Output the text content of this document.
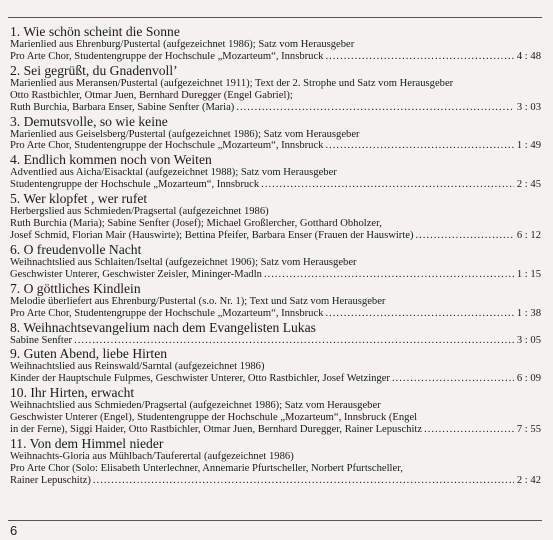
1. Wie schön scheint die Sonne
Marienlied aus Ehrenburg/Pustertal (aufgezeichnet 1986); Satz vom Herausgeber
Pro Arte Chor, Studentengruppe der Hochschule „Mozarteum“, Innsbruck .....	4 : 48
2. Sei gegrüßt, du Gnadenvoll’
Marienlied aus Meransen/Pustertal (aufgezeichnet 1911); Text der 2. Strophe und Satz vom Herausgeber
Otto Rastbichler, Otmar Juen, Bernhard Duregger (Engel Gabriel);
Ruth Burchia, Barbara Enser, Sabine Senfter (Maria) .....	3 : 03
3. Demutsvolle, so wie keine
Marienlied aus Geiselsberg/Pustertal (aufgezeichnet 1986); Satz vom Herausgeber
Pro Arte Chor, Studentengruppe der Hochschule „Mozarteum“, Innsbruck .....	1 : 49
4. Endlich kommen noch von Weiten
Adventlied aus Aicha/Eisacktal (aufgezeichnet 1988); Satz vom Herausgeber
Studentengruppe der Hochschule „Mozarteum“, Innsbruck .....	2 : 45
5. Wer klopfet , wer rufet
Herbergslied aus Schmieden/Pragsertal (aufgezeichnet 1986)
Ruth Burchia (Maria); Sabine Senfter (Josef); Michael Großlercher, Gotthard Obholzer,
Josef Schmid, Florian Mair (Hauswirte); Bettina Pfeifer, Barbara Enser (Frauen der Hauswirte) .....	6 : 12
6. O freudenvolle Nacht
Weihnachtslied aus Schlaiten/Iseltal (aufgezeichnet 1906); Satz vom Herausgeber
Geschwister Unterer, Geschwister Zeisler, Mininger-Madln .....	1 : 15
7. O göttliches Kindlein
Melodie überliefert aus Ehrenburg/Pustertal (s.o. Nr. 1); Text und Satz vom Herausgeber
Pro Arte Chor, Studentengruppe der Hochschule „Mozarteum“, Innsbruck .....	1 : 38
8. Weihnachtsevangelium nach dem Evangelisten Lukas
Sabine Senfter .....	3 : 05
9. Guten Abend, liebe Hirten
Weihnachtslied aus Reinswald/Sarntal (aufgezeichnet 1986)
Kinder der Hauptschule Fulpmes, Geschwister Unterer, Otto Rastbichler, Josef Wetzinger .....	6 : 09
10. Ihr Hirten, erwacht
Weihnachtslied aus Schmieden/Pragsertal (aufgezeichnet 1986); Satz vom Herausgeber
Geschwister Unterer (Engel), Studentengruppe der Hochschule „Mozarteum“, Innsbruck (Engel
in der Ferne), Siggi Haider, Otto Rastbichler, Otmar Juen, Bernhard Duregger, Rainer Lepuschitz .....	7 : 55
11. Von dem Himmel nieder
Weihnachts-Gloria aus Mühlbach/Tauferertal (aufgezeichnet 1986)
Pro Arte Chor (Solo: Elisabeth Unterlechner, Annemarie Pfurtscheller, Norbert Pfurtscheller,
Rainer Lepuschitz) .....	2 : 42
6
